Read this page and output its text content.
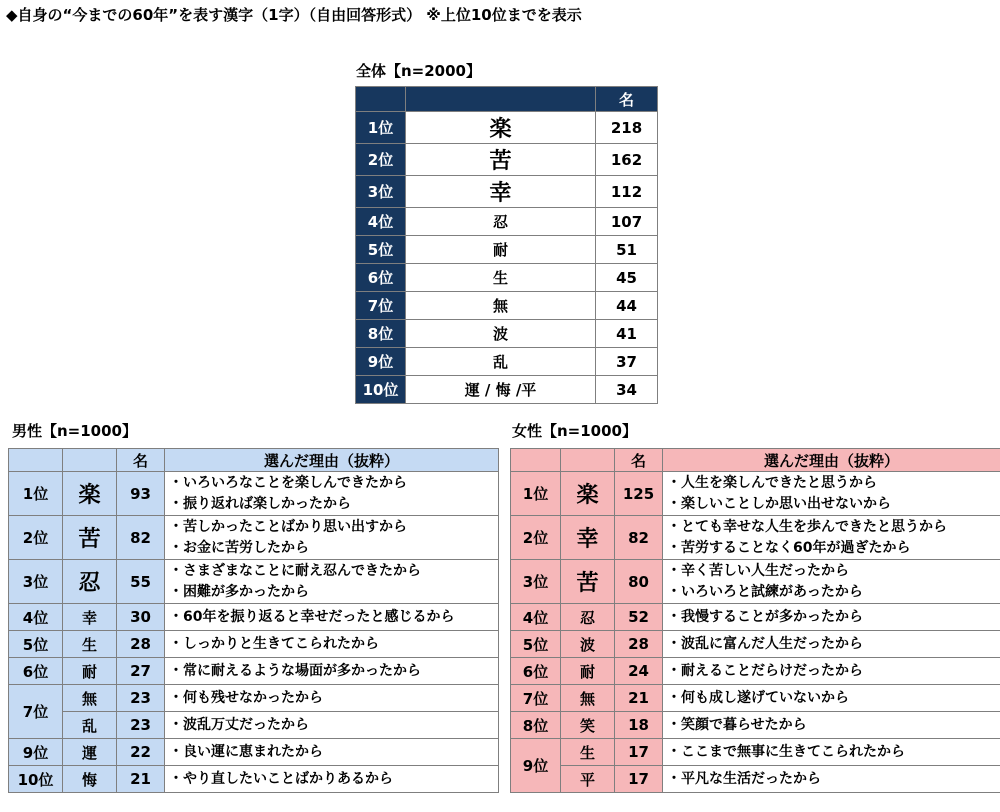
◆自身の“今までの60年”を表す漢字（1字）（自由回答形式） ※上位10位までを表示
全体【n=2000】
		名
1位	楽	218
2位	苦	162
3位	幸	112
4位	忍	107
5位	耐	51
6位	生	45
7位	無	44
8位	波	41
9位	乱	37
10位	運 / 悔 /平	34
男性【n=1000】	女性【n=1000】
		名	選んだ理由（抜粋）
1位	楽	93	・いろいろなことを楽しんできたから
・振り返れば楽しかったから

2位	苦	82	・苦しかったことばかり思い出すから
・お金に苦労したから

3位	忍	55	・さまざまなことに耐え忍んできたから
・困難が多かったから

4位	幸	30	・60年を振り返ると幸せだったと感じるから
5位	生	28	・しっかりと生きてこられたから
6位	耐	27	・常に耐えるような場面が多かったから
7位	無	23	・何も残せなかったから
	乱	23	・波乱万丈だったから
9位	運	22	・良い運に恵まれたから
10位	悔	21	・やり直したいことばかりあるから
		名	選んだ理由（抜粋）
1位	楽	125	・人生を楽しんできたと思うから
・楽しいことしか思い出せないから

2位	幸	82	・とても幸せな人生を歩んできたと思うから
・苦労することなく60年が過ぎたから

3位	苦	80	・辛く苦しい人生だったから
・いろいろと試練があったから

4位	忍	52	・我慢することが多かったから
5位	波	28	・波乱に富んだ人生だったから
6位	耐	24	・耐えることだらけだったから
7位	無	21	・何も成し遂げていないから
8位	笑	18	・笑顔で暮らせたから
9位	生	17	・ここまで無事に生きてこられたから
	平	17	・平凡な生活だったから
